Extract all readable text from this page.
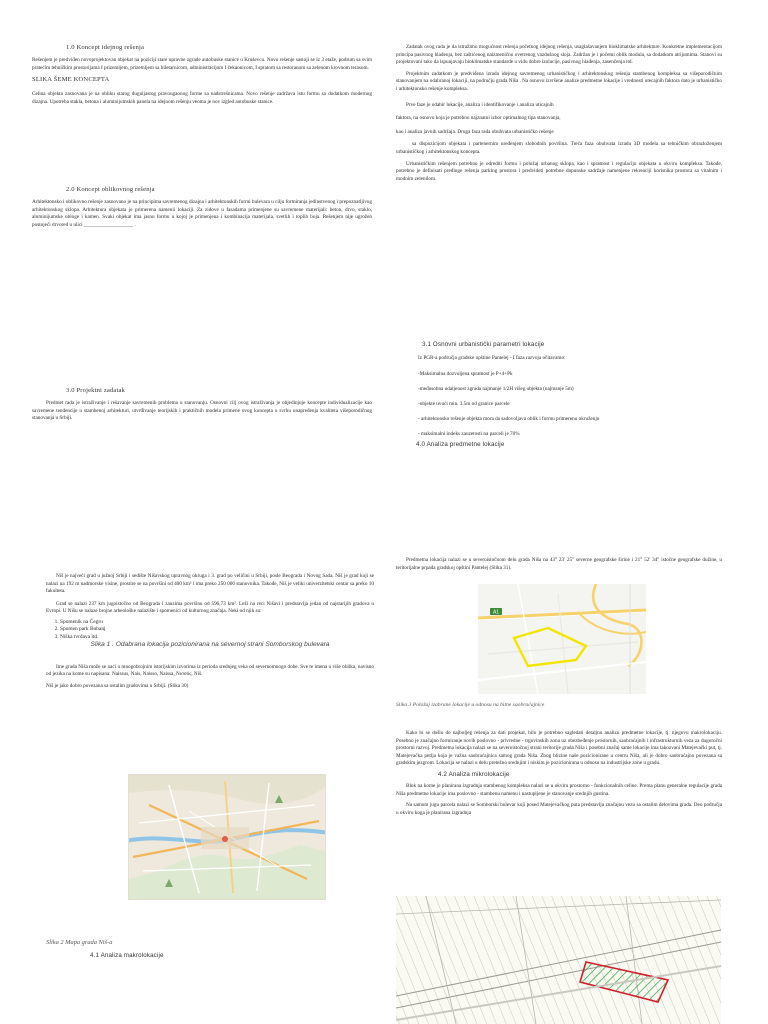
1.0 Koncept idejnog rešenja
Rešenjem je predviđen novoprojektovan objekat na poziciji stare upravne zgrade autobuske stanice u Kruševcu. Novo rešenje sastoji se iz 3 etaže, podrum sa svim pratećim tehničkim prostorijama I prizemljem, prizemljem sa biletarnicom, administracijom I čekaonicom, I spratom sa restoranom sa zelenom krovnom terasom.
SLIKA ŠEME KONCEPTA
Celina objekta zasnovana je na obliku starog duguljastog pravougaonog forme sa nadstrešnicama. Novo rešenje zadržava istu formu sa dodatkom modernog dizajna. Upotreba stakla, betona i aluminijumskih panela na idejnom rešenju veoma je nov izgled autobuske stanice.
2.0 Koncept oblikovnog rešenja
Arhitektonsko i oblikovno rešenje zasnovano je na principima savremenog dizajna i arhitektonskih formi bulevara u cilju formiranja jedinstvenog i prepoznatljivog arhitektonskog sklopa. Arhitektura objekata je primerena namenii lokaciji. Za zidove u fasadama primenjene su savremene materijali: beton, drvo, staklo, aluminijumske obloge i kamen. Svaki objekat ima jasnu formu u kojoj je primenjena i kombinacija materijala, svetlih i toplih boja. Rešenjem nije ugrožen postojeći drvored u ulici ___________________ .
Zadatak ovog rada je da istražimo mogućnost rešenja početnog idejnog rešenja, usaglašavanjem bioklimatske arhitekture. Konkretne implementacijom principa pasivnog hlađenja, bez zaštićenog naizmenično ovetrenog vazdušnog sloja. Zadržan je i početni oblik modula, sa dodatkom atrijumima. Stanovi su projektovani tako da ispunjavaju bioklimatske standarde u vidu dobre izolacije, pasivnog hlađenja, zasenčenja itd.
Projektnim zadatkom je predviđena izrada idejnog savremenog urbanističkog i arhitektonskog rešenja stambenog kompleksa sa višeporodičnim stanovanjem na odabranoj lokaciji, na području grada Niša . Na osnovu izvršene analize predmetne lokacije i vrednosti utecajnih faktora dato je urbanističko i arhitektonsko rešenje kompleksa.
Prve faze je odabir lokacije, analiza i identifikovanje i analiza uticajnih
faktora, na osnovu koja je potrebno najznatni izbor optimalnog tipa stanovanja,
kao i analiza javnih sadržaja. Druga faza rada obuhvata urbanističko rešenje
sa dispozicijom objekata i partenernim uređenjem slobodnih površina. Treća faza obuhvata izradu 3D modela sa tehničkim obrazloženjem urbanističkog i arhitektonskog koncepta.
Urbanističkim rešenjem potrebno je odrediti formu i položaj urbanog sklopa, kao i spratnost i regulaciju objekata u okviru kompleksa. Takođe, potrebno je definisati predloge rešenja parking prostora i predvideti potrebne dopunske sadržaje namenjene rekreaciji korisnika prostora sa vitalnim i modnim zelenilom.
3.0 Projektni zadatak
Predmet rada je istraživanje i rešavanje savremenih problema u stanovanju. Osnovni cilj ovog istraživanja je objedinjuje koncepte individualizacije kao savremene tendencije u stambenoj arhitekturi, utvrđivanje teorijskih i praktičnih modela primene ovog koncepta u svrhu unapređenja kvaliteta višeporodičnog stanovanja u Srbiji.
3.1 Osnovni urbanistički parametri lokacije
Iz PGR-a područja gradske opštine Pantelej - I faza razvoja očitavamo:
-Maksimalna dozvoljena spratnost je P+4+Pk
-međusobna udaljenost zgrada najmanje 1/2H višeg objekta (najmanje 5m)
-objekte uvući min. 3.5m od granice parcele
- arhitektonsko rešenje objekta mora da sadovoljava oblik i formu primerenu okruženju
- maksimalni indeks zauzetosti na parceli je 70%
4.0 Analiza predmetne lokacije
Niš je najveći grad u južnoj Srbiji i sedište Nišavskog upravnog okruga i 3. grad po veličini u Srbiji, posle Beograda i Novog Sada. Niš je grad koji se nalazi na 192 m nadmorske visine, prostire se na površini od 400 km² i ima preko 250 000 stanovnika. Takođe, Niš je veliki univerzitetski centar sa preko 10 fakulteta.
Grad se nalazi 237 km jugoistočno od Beograda i zauzima površinu od 596,73 km². Leži na reci Nišavi i predstavlja jedan od najstarijih gradova u Evropi. U Nišu se nalaze brojne arheološke nalazište i spomenici od kulturnog značaja. Neki od njih su:
1. Spomenik na Čegru
2. Spomen park Bubanj
3. Niška tvrđava itd.
Slika 1 . Odabrana lokacija pozicionirana na severnoj strani Somborskog bulevara
Ime grada Niša može se naći u mnogobrojnim istorijskim izvorima iz perioda srednjeg veka od severnomnogo dobe. Sve te imena u više oblika, navisno od jezika na kome su napisana: Naissus, Nais, Naisso, Naissa, Νισσός, Niš.
Niš je jako dobro povezana sa ostalim gradovima u Srbiji. (Slika 30)
Slika 2 Mapa grada Niš-a
4.1 Analiza makrolokacije
Predmetna lokacija nalazi se u severoistočnom delu grada Niša na 43° 23' 25" severne geografske širine i 21° 52' 34" istočne geografske dužine, u teritorijalne prpada gradskoj opštini Pantelej (Slika 31).
A1
Slika 3 Položaj izabrane lokacije u odnosu na bitne saobraćajnice
Kako bi se došlo do najboljeg rešenja za dati projekat, bilo je potrebno sagledati detaljnu analizu predmetne lokacije, tj. njegovu makrolokaciju. Posebno je značajno formiranje novih poslovno - privredne - trgovinskih zona uz obezbeđenje prostornih, saobraćajnih i infrastrukturnih veza za dugoročni prostorni razvoj. Predmetna lokacija nalazi se na severoistočnoj strani teritorije grada Niša i posebni značaj same lokacije ima takozvani Matejevački put, tj. Matejevačka petlja koja je važna saobraćajnica samog grada Niša. Zbog blizine naše pozicionirane u centru Niša, ali je dobro saobraćajno povezana sa gradskim jezgrom. Lokacija se nalazi u delu pretežno srednjim i niskim je pozicionirana u odnosu na industrijske zone u gradu.
4.2 Analiza mikrolokacije
Blok na kome je planirana izgradnja stambenog kompleksa nalazi se u okviru prostorno - funkcionalnih celine. Prema planu generalne regulacije grada Niša predmetne lokacije ima poslovno - stambenu namenu i nastupljene je stanovanje srednjih gustina.
Na samom jugu parcela nalazi se Somborski bulevar koji posed Matejevačkog puta predstavlja značajnu vezu sa ostalim delovima grada. Deo područja u okviru koga je planirana izgradnja
